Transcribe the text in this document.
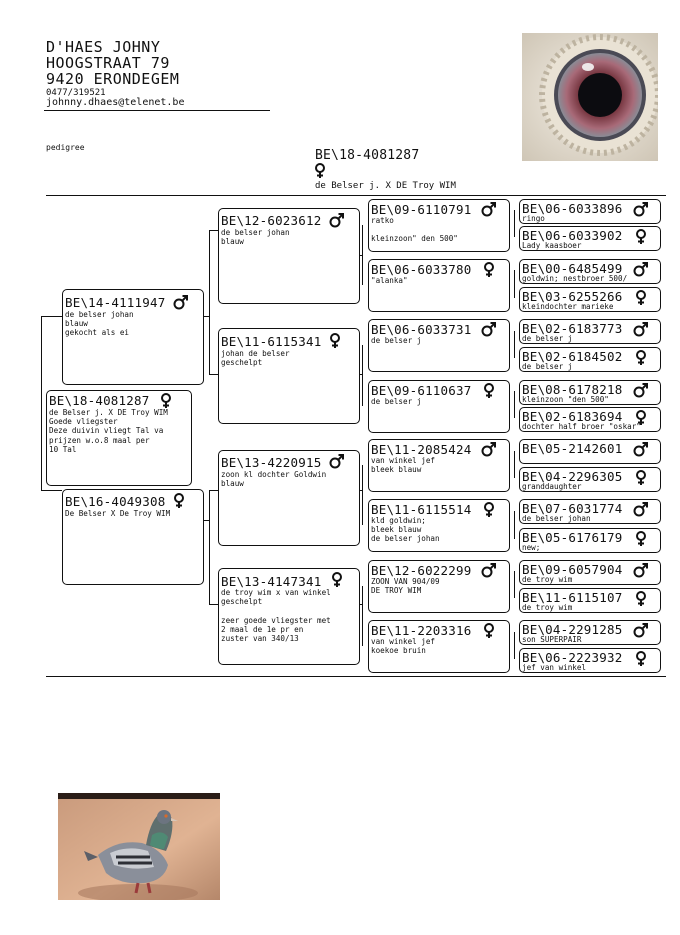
D'HAES JOHNY
HOOGSTRAAT 79
9420 ERONDEGEM
0477/319521
johnny.dhaes@telenet.be
pedigree
BE\18-4081287
de Belser j. X DE Troy WIM
BE\18-4081287
de Belser j. X DE Troy WIM
Goede vliegster
Deze duivin vliegt Tal va
prijzen w.o.8 maal per
10 Tal
BE\14-4111947
de belser johan
blauw
gekocht als ei
BE\16-4049308
De Belser X De Troy WIM
BE\12-6023612
de belser johan
blauw
BE\11-6115341
johan de belser
geschelpt
BE\13-4220915
zoon kl dochter Goldwin
blauw
BE\13-4147341
de troy wim x van winkel
geschelpt

zeer goede vliegster met
2 maal de 1e pr en
zuster van 340/13
BE\09-6110791
ratko

kleinzoon" den 500"
BE\06-6033780
"alanka"
BE\06-6033731
de belser j
BE\09-6110637
de belser j
BE\11-2085424
van winkel jef
bleek blauw
BE\11-6115514
kld goldwin;
bleek blauw
de belser johan
BE\12-6022299
ZOON VAN 904/09
DE TROY WIM
BE\11-2203316
van winkel jef
koekoe bruin
BE\06-6033896
ringo
BE\06-6033902
Lady kaasboer
BE\00-6485499
goldwin; nestbroer 500/
BE\03-6255266
kleindochter marieke
BE\02-6183773
de belser j
BE\02-6184502
de belser j
BE\08-6178218
kleinzoon "den 500"
BE\02-6183694
dochter half broer "oskar"
BE\05-2142601
BE\04-2296305
granddaughter
BE\07-6031774
de belser johan
BE\05-6176179
new;
BE\09-6057904
de troy wim
BE\11-6115107
de troy wim
BE\04-2291285
son SUPERPAIR
BE\06-2223932
jef van winkel
